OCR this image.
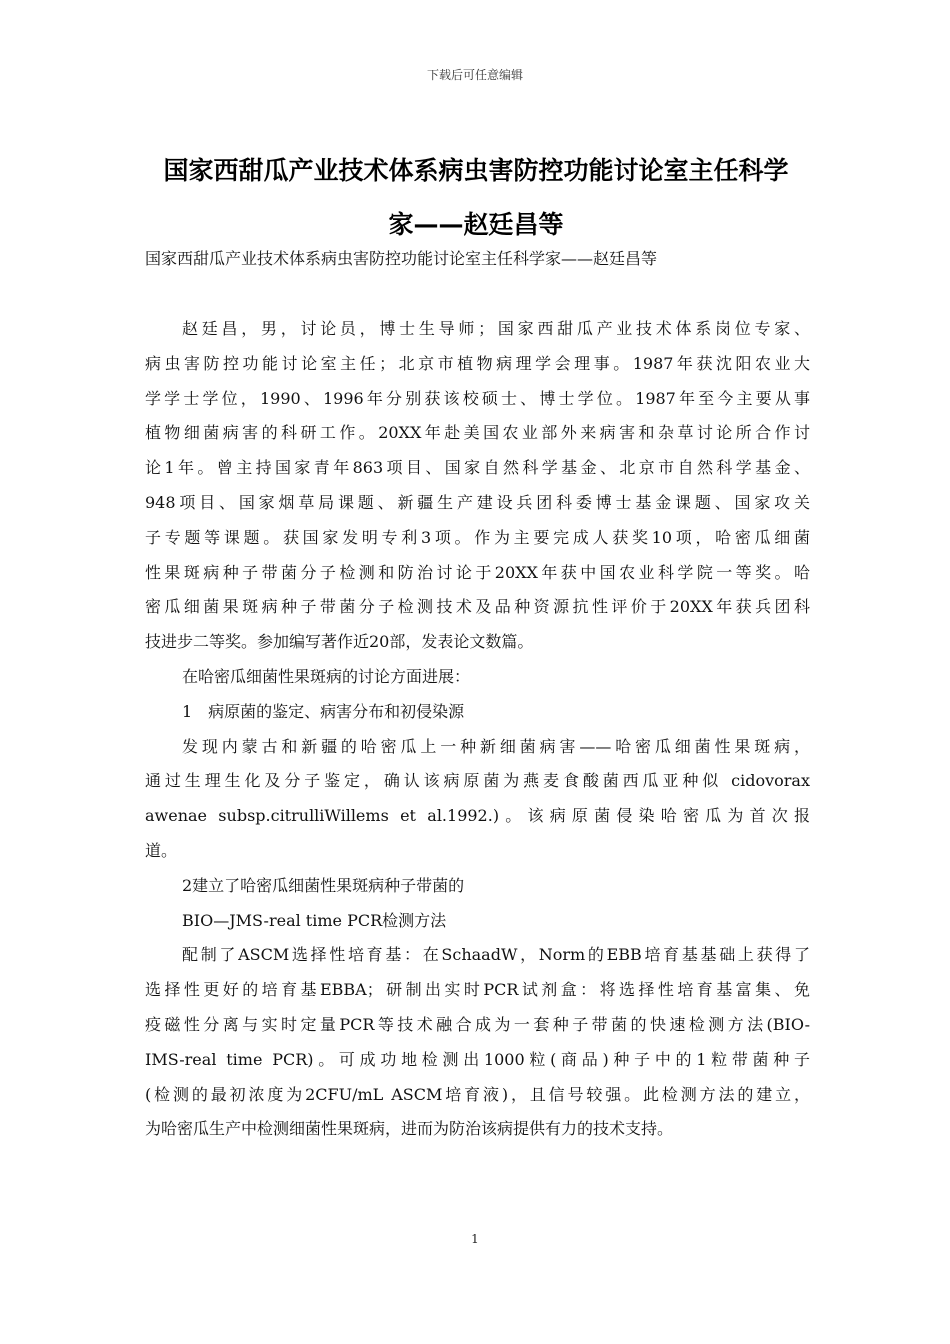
下载后可任意编辑
国家西甜瓜产业技术体系病虫害防控功能讨论室主任科学
家——赵廷昌等
国家西甜瓜产业技术体系病虫害防控功能讨论室主任科学家——赵廷昌等
赵廷昌，男，讨论员，博士生导师；国家西甜瓜产业技术体系岗位专家、
病虫害防控功能讨论室主任；北京市植物病理学会理事。1987年获沈阳农业大
学学士学位，1990、1996年分别获该校硕士、博士学位。1987年至今主要从事
植物细菌病害的科研工作。20XX年赴美国农业部外来病害和杂草讨论所合作讨
论1年。曾主持国家青年863项目、国家自然科学基金、北京市自然科学基金、
948项目、国家烟草局课题、新疆生产建设兵团科委博士基金课题、国家攻关
子专题等课题。获国家发明专利3项。作为主要完成人获奖10项，哈密瓜细菌
性果斑病种子带菌分子检测和防治讨论于20XX年获中国农业科学院一等奖。哈
密瓜细菌果斑病种子带菌分子检测技术及品种资源抗性评价于20XX年获兵团科
技进步二等奖。参加编写著作近20部，发表论文数篇。
在哈密瓜细菌性果斑病的讨论方面进展：
1　病原菌的鉴定、病害分布和初侵染源
发现内蒙古和新疆的哈密瓜上一种新细菌病害——哈密瓜细菌性果斑病，
通过生理生化及分子鉴定，确认该病原菌为燕麦食酸菌西瓜亚种似 cidovorax
awenae subsp.citrulliWillems et al.1992.)。该病原菌侵染哈密瓜为首次报
道。
2建立了哈密瓜细菌性果斑病种子带菌的
BIO—JMS-real time PCR检测方法
配制了ASCM选择性培育基：在SchaadW，Norm的EBB培育基基础上获得了
选择性更好的培育基EBBA；研制出实时PCR试剂盒：将选择性培育基富集、免
疫磁性分离与实时定量PCR等技术融合成为一套种子带菌的快速检测方法(BIO-
IMS-real time PCR)。可成功地检测出1000粒(商品)种子中的1粒带菌种子
(检测的最初浓度为2CFU/mL ASCM培育液)，且信号较强。此检测方法的建立，
为哈密瓜生产中检测细菌性果斑病，进而为防治该病提供有力的技术支持。
1
